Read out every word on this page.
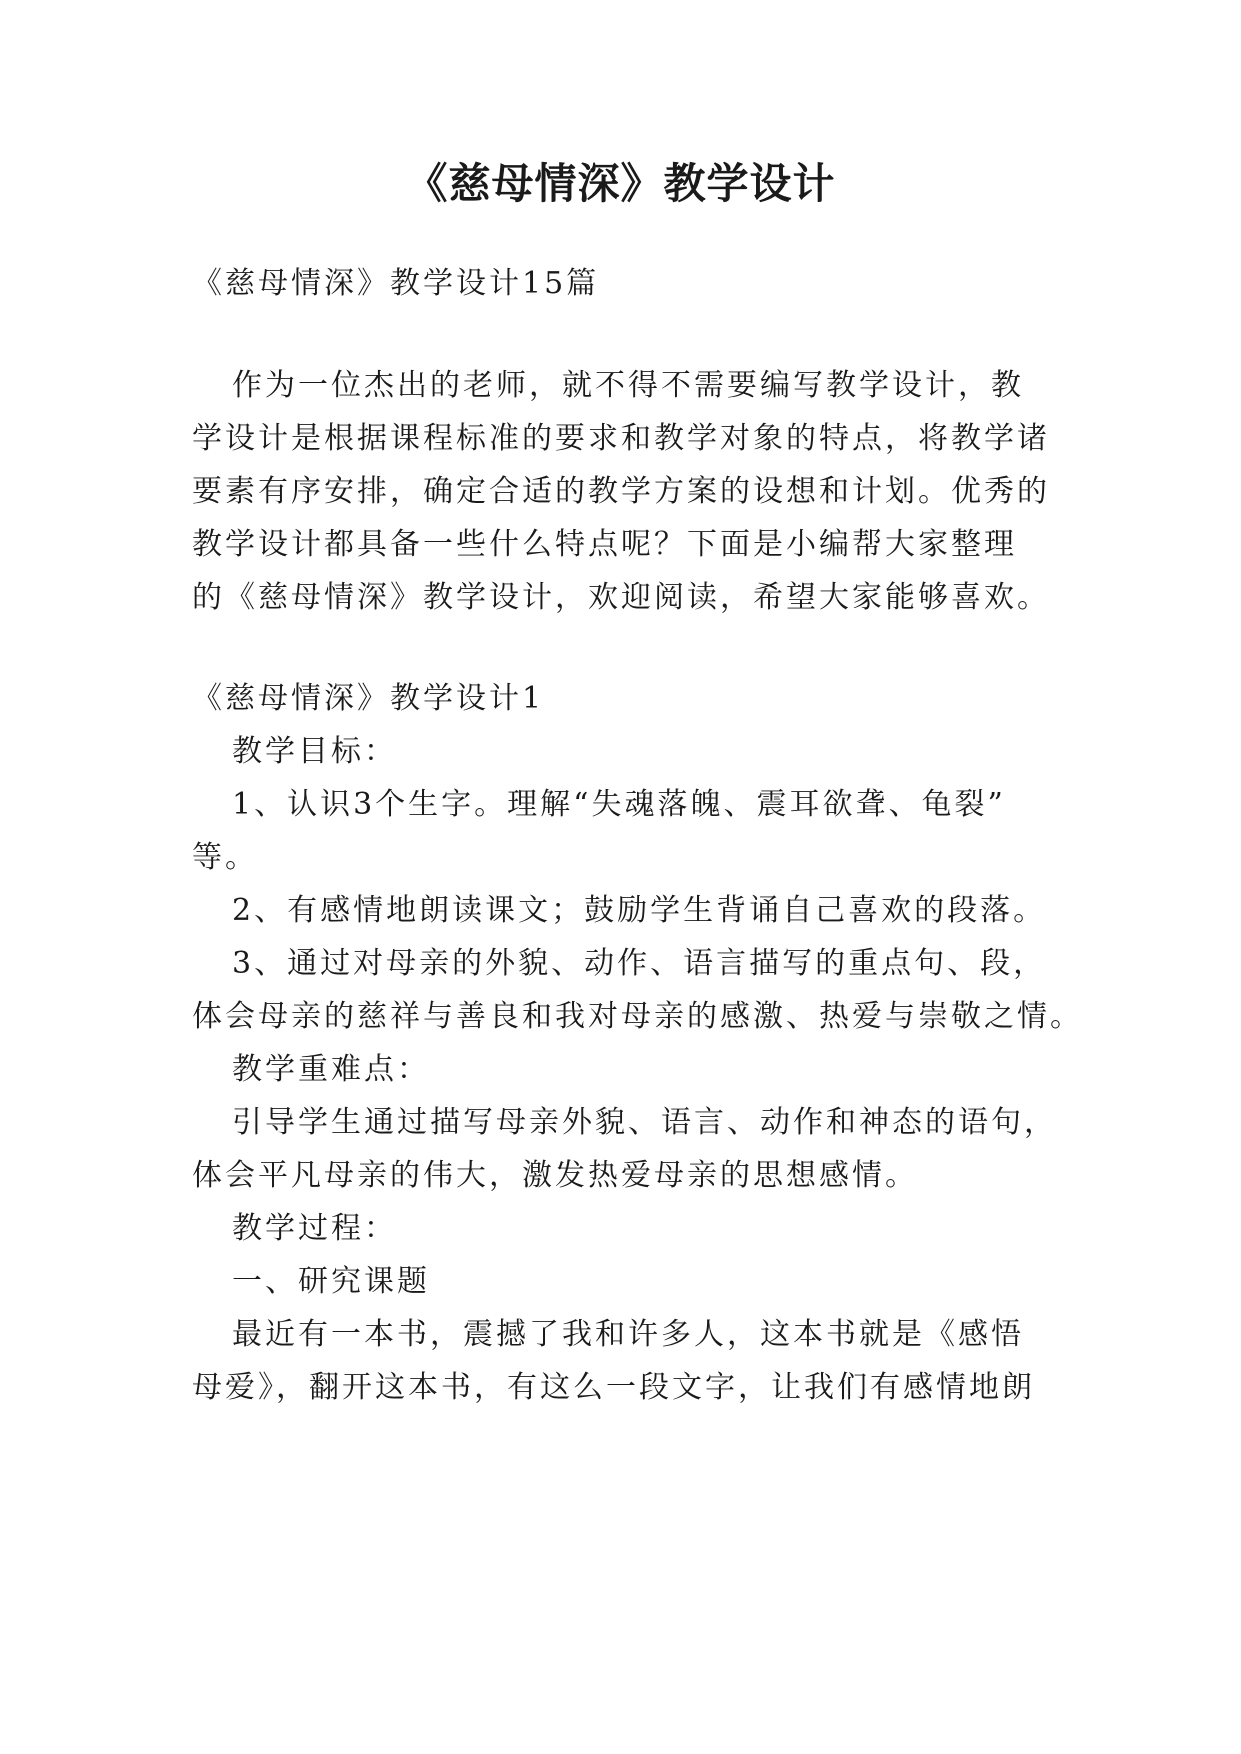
《慈母情深》教学设计
《慈母情深》教学设计15篇
作为一位杰出的老师，就不得不需要编写教学设计，教
学设计是根据课程标准的要求和教学对象的特点，将教学诸
要素有序安排，确定合适的教学方案的设想和计划。优秀的
教学设计都具备一些什么特点呢？下面是小编帮大家整理
的《慈母情深》教学设计，欢迎阅读，希望大家能够喜欢。
《慈母情深》教学设计1
教学目标：
1、认识3个生字。理解“失魂落魄、震耳欲聋、龟裂”
等。
2、有感情地朗读课文；鼓励学生背诵自己喜欢的段落。
3、通过对母亲的外貌、动作、语言描写的重点句、段，
体会母亲的慈祥与善良和我对母亲的感激、热爱与崇敬之情。
教学重难点：
引导学生通过描写母亲外貌、语言、动作和神态的语句，
体会平凡母亲的伟大，激发热爱母亲的思想感情。
教学过程：
一、研究课题
最近有一本书，震撼了我和许多人，这本书就是《感悟
母爱》，翻开这本书，有这么一段文字，让我们有感情地朗
